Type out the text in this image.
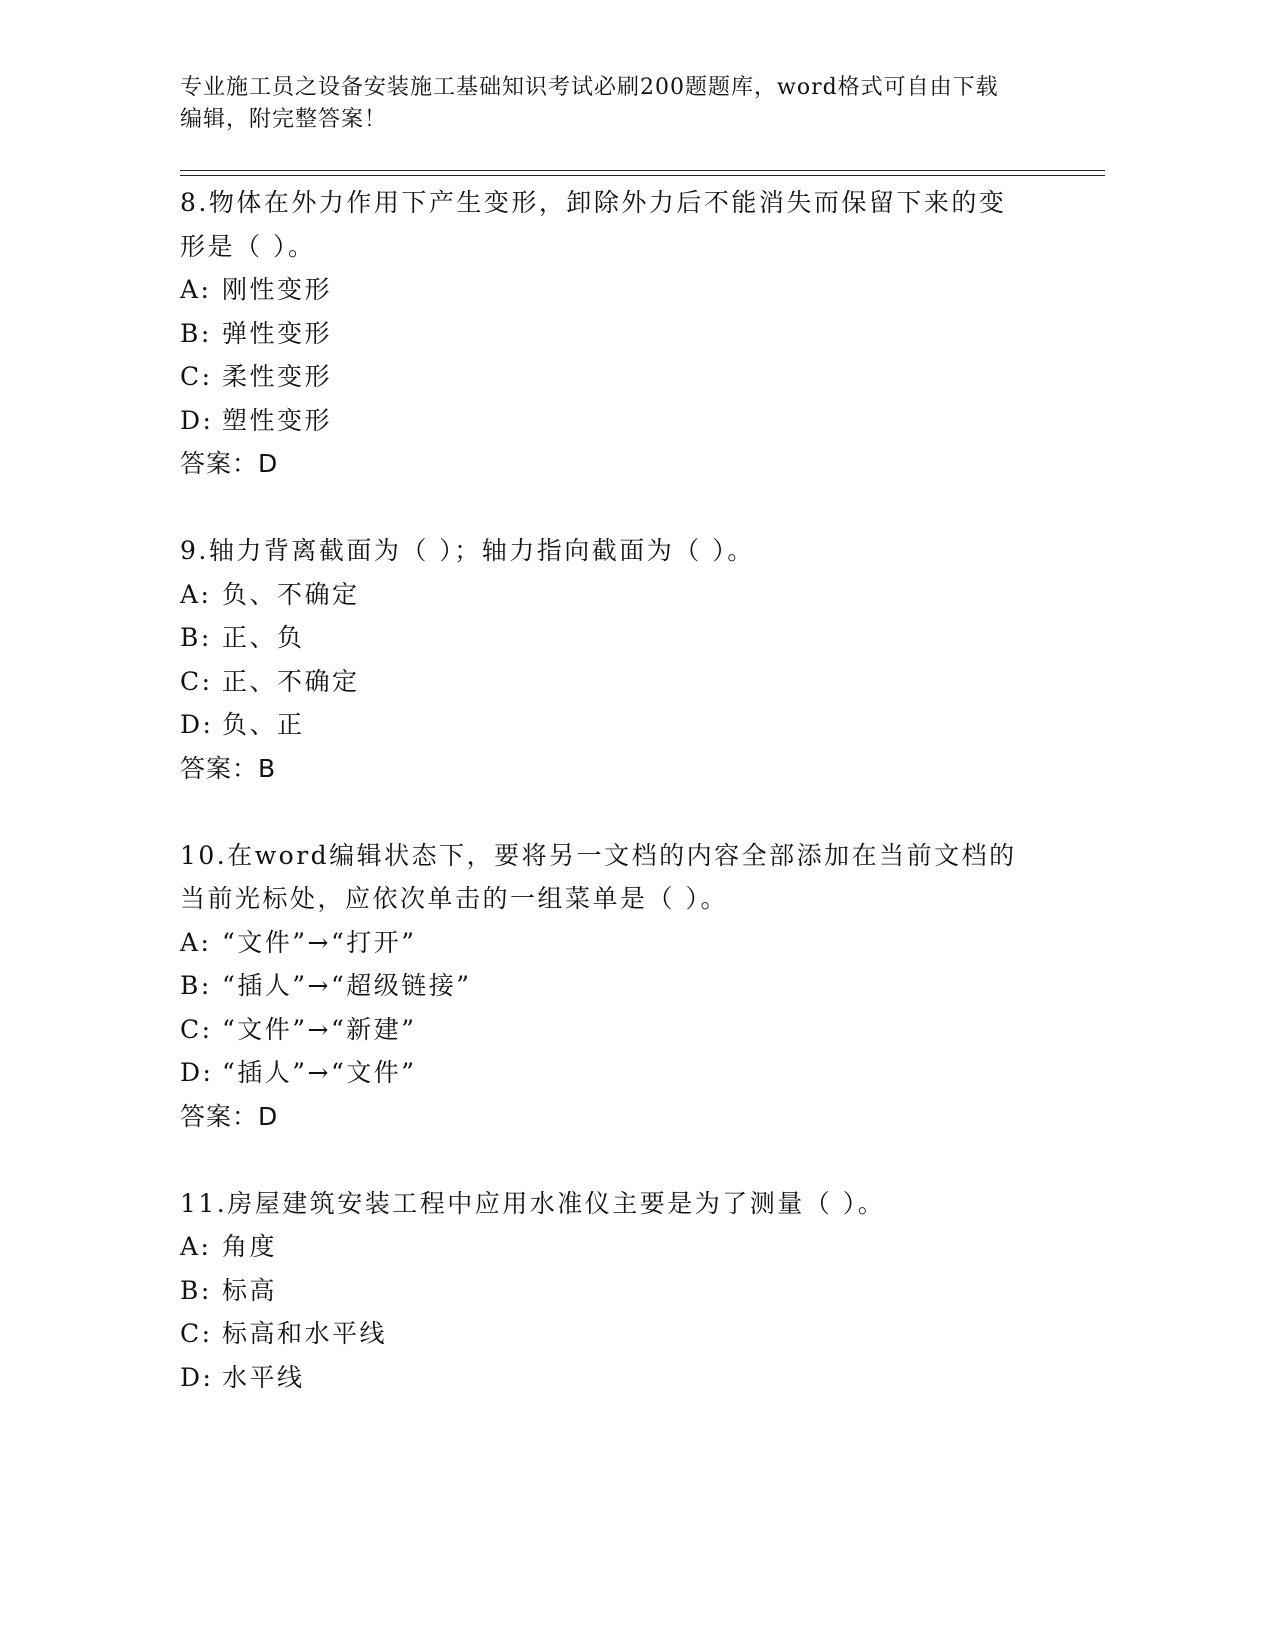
专业施工员之设备安装施工基础知识考试必刷200题题库，word格式可自由下载
编辑，附完整答案！
8.物体在外力作用下产生变形，卸除外力后不能消失而保留下来的变
形是（ ）。
A: 刚性变形
B: 弹性变形
C: 柔性变形
D: 塑性变形
答案：D
9.轴力背离截面为（ ）；轴力指向截面为（ ）。
A: 负、不确定
B: 正、负
C: 正、不确定
D: 负、正
答案：B
10.在word编辑状态下，要将另一文档的内容全部添加在当前文档的
当前光标处，应依次单击的一组菜单是（ ）。
A: “文件”→“打开”
B: “插人”→“超级链接”
C: “文件”→“新建”
D: “插人”→“文件”
答案：D
11.房屋建筑安装工程中应用水准仪主要是为了测量（ ）。
A: 角度
B: 标高
C: 标高和水平线
D: 水平线
